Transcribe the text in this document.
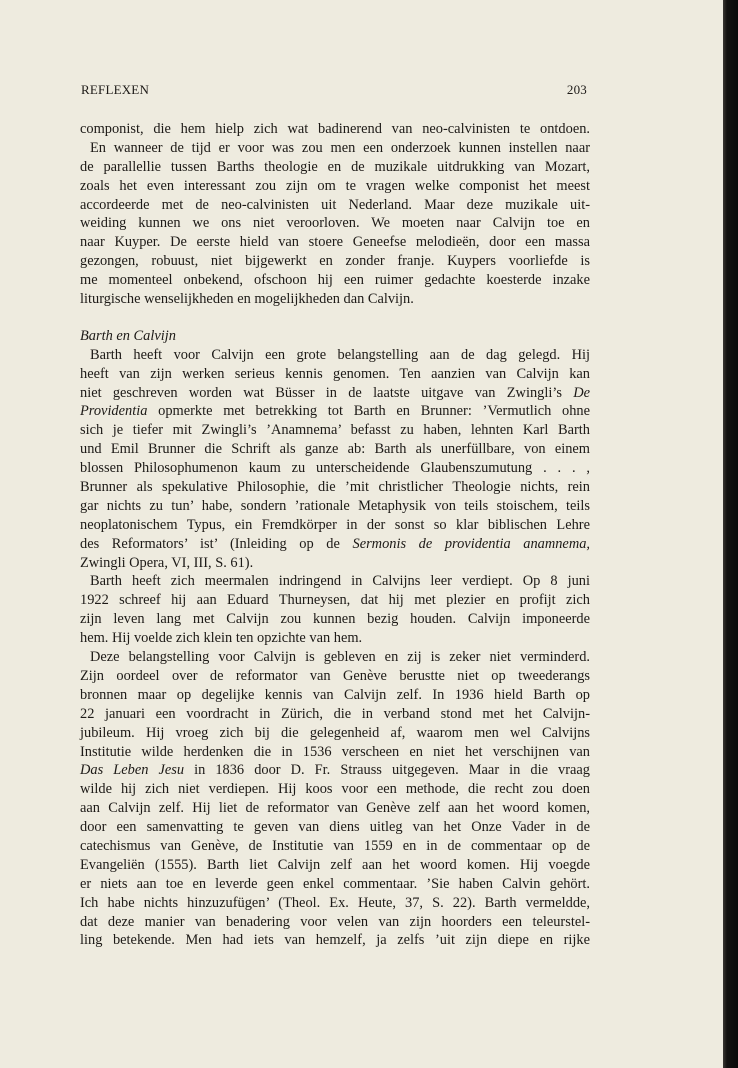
REFLEXEN	203
componist, die hem hielp zich wat badinerend van neo-calvinisten te ontdoen.
En wanneer de tijd er voor was zou men een onderzoek kunnen instellen naar
de parallellie tussen Barths theologie en de muzikale uitdrukking van Mozart,
zoals het even interessant zou zijn om te vragen welke componist het meest
accordeerde met de neo-calvinisten uit Nederland. Maar deze muzikale uit-
weiding kunnen we ons niet veroorloven. We moeten naar Calvijn toe en
naar Kuyper. De eerste hield van stoere Geneefse melodieën, door een massa
gezongen, robuust, niet bijgewerkt en zonder franje. Kuypers voorliefde is
me momenteel onbekend, ofschoon hij een ruimer gedachte koesterde inzake
liturgische wenselijkheden en mogelijkheden dan Calvijn.
Barth en Calvijn
Barth heeft voor Calvijn een grote belangstelling aan de dag gelegd. Hij
heeft van zijn werken serieus kennis genomen. Ten aanzien van Calvijn kan
niet geschreven worden wat Büsser in de laatste uitgave van Zwingli’s De
Providentia opmerkte met betrekking tot Barth en Brunner: ’Vermutlich ohne
sich je tiefer mit Zwingli’s ’Anamnema’ befasst zu haben, lehnten Karl Barth
und Emil Brunner die Schrift als ganze ab: Barth als unerfüllbare, von einem
blossen Philosophumenon kaum zu unterscheidende Glaubenszumutung . . . ,
Brunner als spekulative Philosophie, die ’mit christlicher Theologie nichts, rein
gar nichts zu tun’ habe, sondern ’rationale Metaphysik von teils stoischem, teils
neoplatonischem Typus, ein Fremdkörper in der sonst so klar biblischen Lehre
des Reformators’ ist’ (Inleiding op de Sermonis de providentia anamnema,
Zwingli Opera, VI, III, S. 61).
Barth heeft zich meermalen indringend in Calvijns leer verdiept. Op 8 juni
1922 schreef hij aan Eduard Thurneysen, dat hij met plezier en profijt zich
zijn leven lang met Calvijn zou kunnen bezig houden. Calvijn imponeerde
hem. Hij voelde zich klein ten opzichte van hem.
Deze belangstelling voor Calvijn is gebleven en zij is zeker niet verminderd.
Zijn oordeel over de reformator van Genève berustte niet op tweederangs
bronnen maar op degelijke kennis van Calvijn zelf. In 1936 hield Barth op
22 januari een voordracht in Zürich, die in verband stond met het Calvijn-
jubileum. Hij vroeg zich bij die gelegenheid af, waarom men wel Calvijns
Institutie wilde herdenken die in 1536 verscheen en niet het verschijnen van
Das Leben Jesu in 1836 door D. Fr. Strauss uitgegeven. Maar in die vraag
wilde hij zich niet verdiepen. Hij koos voor een methode, die recht zou doen
aan Calvijn zelf. Hij liet de reformator van Genève zelf aan het woord komen,
door een samenvatting te geven van diens uitleg van het Onze Vader in de
catechismus van Genève, de Institutie van 1559 en in de commentaar op de
Evangeliën (1555). Barth liet Calvijn zelf aan het woord komen. Hij voegde
er niets aan toe en leverde geen enkel commentaar. ’Sie haben Calvin gehört.
Ich habe nichts hinzuzufügen’ (Theol. Ex. Heute, 37, S. 22). Barth vermeldde,
dat deze manier van benadering voor velen van zijn hoorders een teleurstel-
ling betekende. Men had iets van hemzelf, ja zelfs ’uit zijn diepe en rijke
